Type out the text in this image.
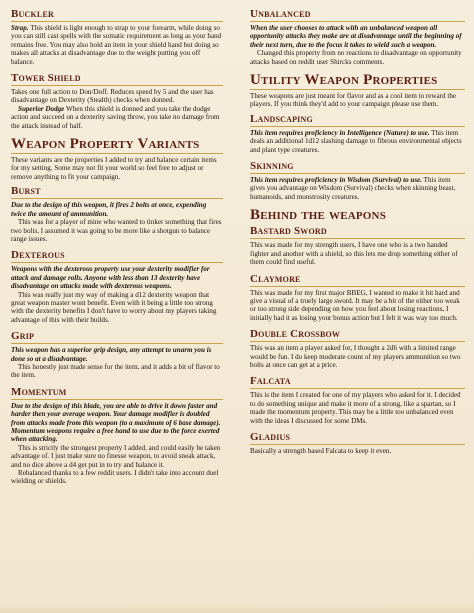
Buckler

Strap. This shield is light enough to strap to your forearm, while doing so you can still cast spells with the somatic requirement as long as your hand remains free. You may also hold an item in your shield hand but doing so makes all attacks at disadvantage due to the weight putting you off balance.

Tower Shield

Takes one full action to Don/Doff. Reduces speed by 5 and the user has disadvantage on Dexterity (Stealth) checks when donned.

Superior Dodge When this shield is donned and you take the dodge action and succeed on a dexterity saving throw, you take no damage from the attack instead of half.

Weapon Property Variants

These variants are the properties I added to try and balance certain items for my setting. Some may not fit your world so feel free to adjust or remove anything to fit your campaign.

Burst

Due to the design of this weapon, it fires 2 bolts at once, expending twice the amount of ammunition.

This was for a player of mine who wanted to tinker something that fires two bolts, I assumed it was going to be more like a shotgun to balance range issues.

Dexterous

Weapons with the dexterous property use your dexterity modifier for attack and damage rolls. Anyone with less than 13 dexterity have disadvantage on attacks made with dexterous weapons.

This was really just my way of making a d12 dexterity weapon that great weapon master wont benefit. Even with it being a little too strong with the dexterity benefits I don't have to worry about my players taking advantage of this with their builds.

Grip

This weapon has a superior grip design, any attempt to unarm you is done so at a disadvantage.

This honestly just made sense for the item, and it adds a bit of flavor to the item.

Momentum

Due to the design of this blade, you are able to drive it down faster and harder then your average weapon. Your damage modifier is doubled from attacks made from this weapon (to a maximum of 6 base damage). Momentum weapons require a free hand to use due to the force exerted when attacking.

This is strictly the strongest property I added, and could easily be taken advantage of. I just make sure no finesse weapon, to avoid sneak attack, and no dice above a d4 get put in to try and balance it.

Rebalanced thanks to a few reddit users. I didn't take into account duel wielding or shields.

Unbalanced

When the user chooses to attack with an unbalanced weapon all opportunity attacks they make are at disadvantage until the beginning of their next turn, due to the focus it takes to wield such a weapon.

Changed this property from no reactions to disadvantage on opportunity attacks based on reddit user Shircks comments.

Utility Weapon Properties

These weapons are just meant for flavor and as a cool item to reward the players. If you think they'd add to your campaign please use them.

Landscaping

This item requires proficiency in Intelligence (Nature) to use. This item deals an additional 1d12 slashing damage to fibrous environmental objects and plant type creatures.

Skinning

This item requires proficiency in Wisdom (Survival) to use. This item gives you advantage on Wisdom (Survival) checks when skinning beast, humanoids, and monstrosity creatures.

Behind the weapons
Bastard Sword

This was made for my strength users, I have one who is a two handed fighter and another with a shield, so this lets me drop something either of them could find useful.

Claymore

This was made for my first major BBEG, I wanted to make it hit hard and give a visual of a truely large sword. It may be a bit of the either too weak or too strong side depending on how you feel about losing reactions, I initially had it as losing your bonus action but I felt it was way too much.

Double Crossbow

This was an item a player asked for, I thought a 2d6 with a limited range would be fun. I do keep moderate count of my players ammunition so two bolts at once can get at a price.

Falcata

This is the item I created for one of my players who asked for it. I decided to do something unique and make it more of a strong, like a spartan, so I made the momentum property. This may be a little too unbalanced even with the ideas I discussed for some DMs.

Gladius

Basically a strength based Falcata to keep it even.
